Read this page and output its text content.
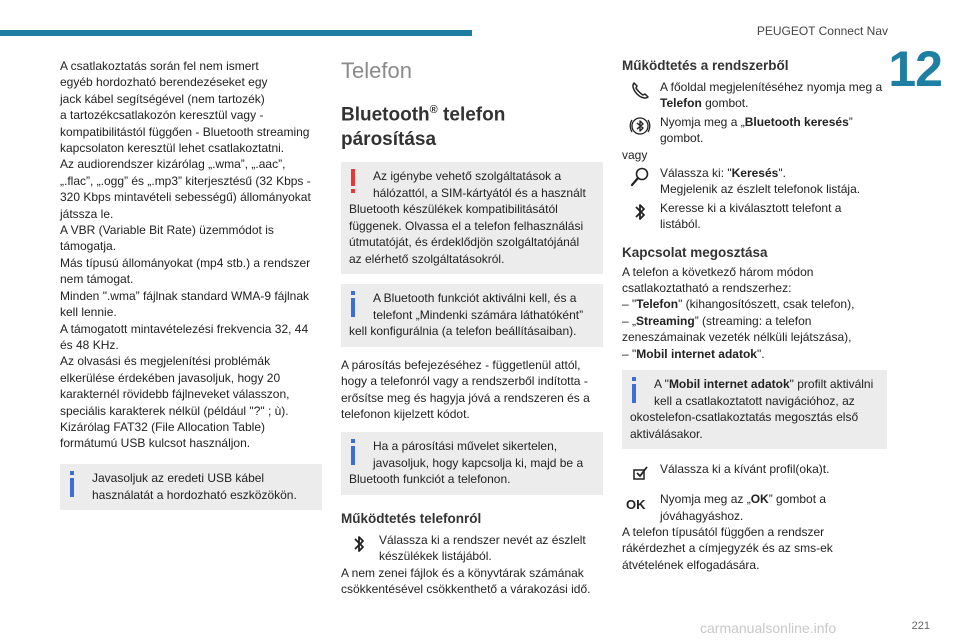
PEUGEOT Connect Nav
12
A csatlakoztatás során fel nem ismert
egyéb hordozható berendezéseket egy
jack kábel segítségével (nem tartozék)
a tartozékcsatlakozón keresztül vagy -
kompatibilitástól függően - Bluetooth streaming
kapcsolaton keresztül lehet csatlakoztatni.
Az audiorendszer kizárólag „.wma”, „.aac”,
„.flac”, „.ogg” és „.mp3” kiterjesztésű (32 Kbps -
320 Kbps mintavételi sebességű) állományokat
játssza le.
A VBR (Variable Bit Rate) üzemmódot is
támogatja.
Más típusú állományokat (mp4 stb.) a rendszer
nem támogat.
Minden ".wma” fájlnak standard WMA-9 fájlnak
kell lennie.
A támogatott mintavételezési frekvencia 32, 44
és 48 KHz.
Az olvasási és megjelenítési problémák
elkerülése érdekében javasoljuk, hogy 20
karakternél rövidebb fájlneveket válasszon,
speciális karakterek nélkül (például "?" ; ù).
Kizárólag FAT32 (File Allocation Table)
formátumú USB kulcsot használjon.
Javasoljuk az eredeti USB kábel
használatát a hordozható eszközökön.
Telefon
Bluetooth® telefon
párosítása
Az igénybe vehető szolgáltatások a
hálózattól, a SIM-kártyától és a használt
Bluetooth készülékek kompatibilitásától
függenek. Olvassa el a telefon felhasználási
útmutatóját, és érdeklődjön szolgáltatójánál
az elérhető szolgáltatásokról.
A Bluetooth funkciót aktiválni kell, és a
telefont „Mindenki számára láthatóként”
kell konfigurálnia (a telefon beállításaiban).
A párosítás befejezéséhez - függetlenül attól,
hogy a telefonról vagy a rendszerből indította -
erősítse meg és hagyja jóvá a rendszeren és a
telefonon kijelzett kódot.
Ha a párosítási művelet sikertelen,
javasoljuk, hogy kapcsolja ki, majd be a
Bluetooth funkciót a telefonon.
Működtetés telefonról
Válassza ki a rendszer nevét az észlelt
készülékek listájából.
A nem zenei fájlok és a könyvtárak számának
csökkentésével csökkenthető a várakozási idő.
Működtetés a rendszerből
A főoldal megjelenítéséhez nyomja meg a
Telefon gombot.
Nyomja meg a „Bluetooth keresés”
gombot.
vagy
Válassza ki: "Keresés".
Megjelenik az észlelt telefonok listája.
Keresse ki a kiválasztott telefont a
listából.
Kapcsolat megosztása
A telefon a következő három módon
csatlakoztatható a rendszerhez:
– "Telefon" (kihangosítószett, csak telefon),
– „Streaming” (streaming: a telefon
zeneszámainak vezeték nélküli lejátszása),
– "Mobil internet adatok".
A "Mobil internet adatok" profilt aktiválni
kell a csatlakoztatott navigációhoz, az
okostelefon-csatlakoztatás megosztás első
aktiválásakor.
Válassza ki a kívánt profil(oka)t.
OK Nyomja meg az „OK” gombot a
jóváhagyáshoz.
A telefon típusától függően a rendszer
rákérdezhet a címjegyzék és az sms-ek
átvételének elfogadására.
carmanualsonline.info	221
